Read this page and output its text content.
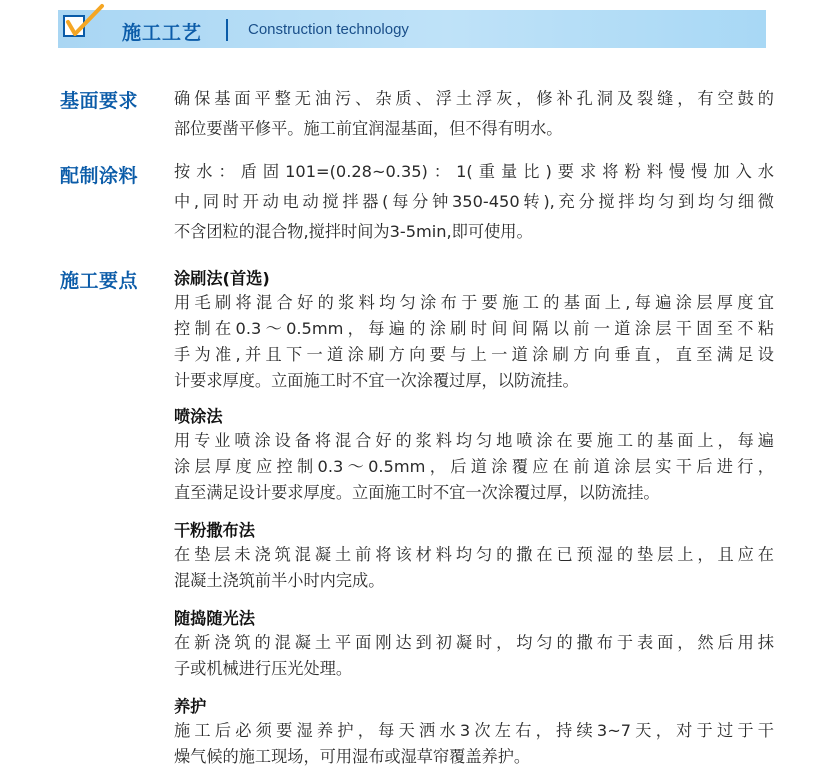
施工工艺	Construction technology
基面要求 确保基面平整无油污、杂质、浮土浮灰，修补孔洞及裂缝，有空鼓的
部位要凿平修平。施工前宜润湿基面，但不得有明水。
配制涂料 按水：盾固101=(0.28~0.35)：1(重量比)要求将粉料慢慢加入水
中,同时开动电动搅拌器(每分钟350-450转),充分搅拌均匀到均匀细微
不含团粒的混合物,搅拌时间为3-5min,即可使用。
施工要点 涂刷法(首选)
用毛刷将混合好的浆料均匀涂布于要施工的基面上,每遍涂层厚度宜
控制在0.3～0.5mm，每遍的涂刷时间间隔以前一道涂层干固至不粘
手为准,并且下一道涂刷方向要与上一道涂刷方向垂直，直至满足设
计要求厚度。立面施工时不宜一次涂覆过厚，以防流挂。
喷涂法
用专业喷涂设备将混合好的浆料均匀地喷涂在要施工的基面上，每遍
涂层厚度应控制0.3～0.5mm，后道涂覆应在前道涂层实干后进行，
直至满足设计要求厚度。立面施工时不宜一次涂覆过厚，以防流挂。
干粉撒布法
在垫层未浇筑混凝土前将该材料均匀的撒在已预湿的垫层上，且应在
混凝土浇筑前半小时内完成。
随捣随光法
在新浇筑的混凝土平面刚达到初凝时，均匀的撒布于表面，然后用抹
子或机械进行压光处理。
养护
施工后必须要湿养护，每天洒水3次左右，持续3~7天，对于过于干
燥气候的施工现场，可用湿布或湿草帘覆盖养护。
